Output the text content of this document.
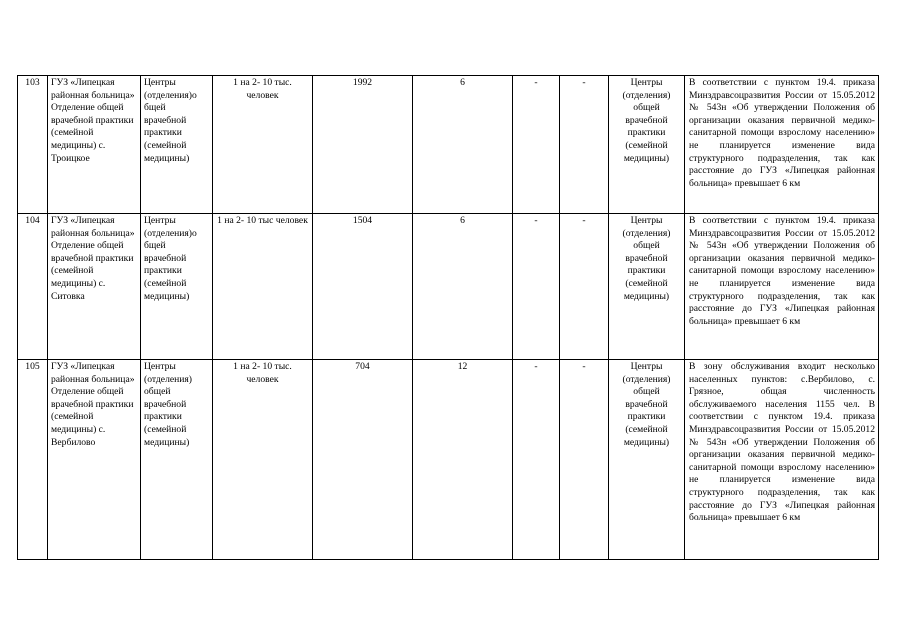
103	ГУЗ «Липецкая районная больница» Отделение общей врачебной практики (семейной медицины) с. Троицкое	Центры (отделения)о бщей врачебной практики (семейной медицины)	1 на 2- 10 тыс. человек	1992	6	-	-	Центры (отделения) общей врачебной практики (семейной медицины)	В соответствии с пунктом 19.4. приказа Минздравсоцразвития России от 15.05.2012 № 543н «Об утверждении Положения об организации оказания первичной медико-санитарной помощи взрослому населению» не планируется изменение вида структурного подразделения, так как расстояние до ГУЗ «Липецкая районная больница» превышает 6 км
104	ГУЗ «Липецкая районная больница» Отделение общей врачебной практики (семейной медицины) с. Ситовка	Центры (отделения)о бщей врачебной практики (семейной медицины)	1 на 2- 10 тыс человек	1504	6	-	-	Центры (отделения) общей врачебной практики (семейной медицины)	В соответствии с пунктом 19.4. приказа Минздравсоцразвития России от 15.05.2012 № 543н «Об утверждении Положения об организации оказания первичной медико-санитарной помощи взрослому населению» не планируется изменение вида структурного подразделения, так как расстояние до ГУЗ «Липецкая районная больница» превышает 6 км
105	ГУЗ «Липецкая районная больница» Отделение общей врачебной практики (семейной медицины) с. Вербилово	Центры (отделения) общей врачебной практики (семейной медицины)	1 на 2- 10 тыс. человек	704	12	-	-	Центры (отделения) общей врачебной практики (семейной медицины)	В зону обслуживания входит несколько населенных пунктов: с.Вербилово, с. Грязное, общая численность обслуживаемого населения 1155 чел. В соответствии с пунктом 19.4. приказа Минздравсоцразвития России от 15.05.2012 № 543н «Об утверждении Положения об организации оказания первичной медико-санитарной помощи взрослому населению» не планируется изменение вида структурного подразделения, так как расстояние до ГУЗ «Липецкая районная больница» превышает 6 км
